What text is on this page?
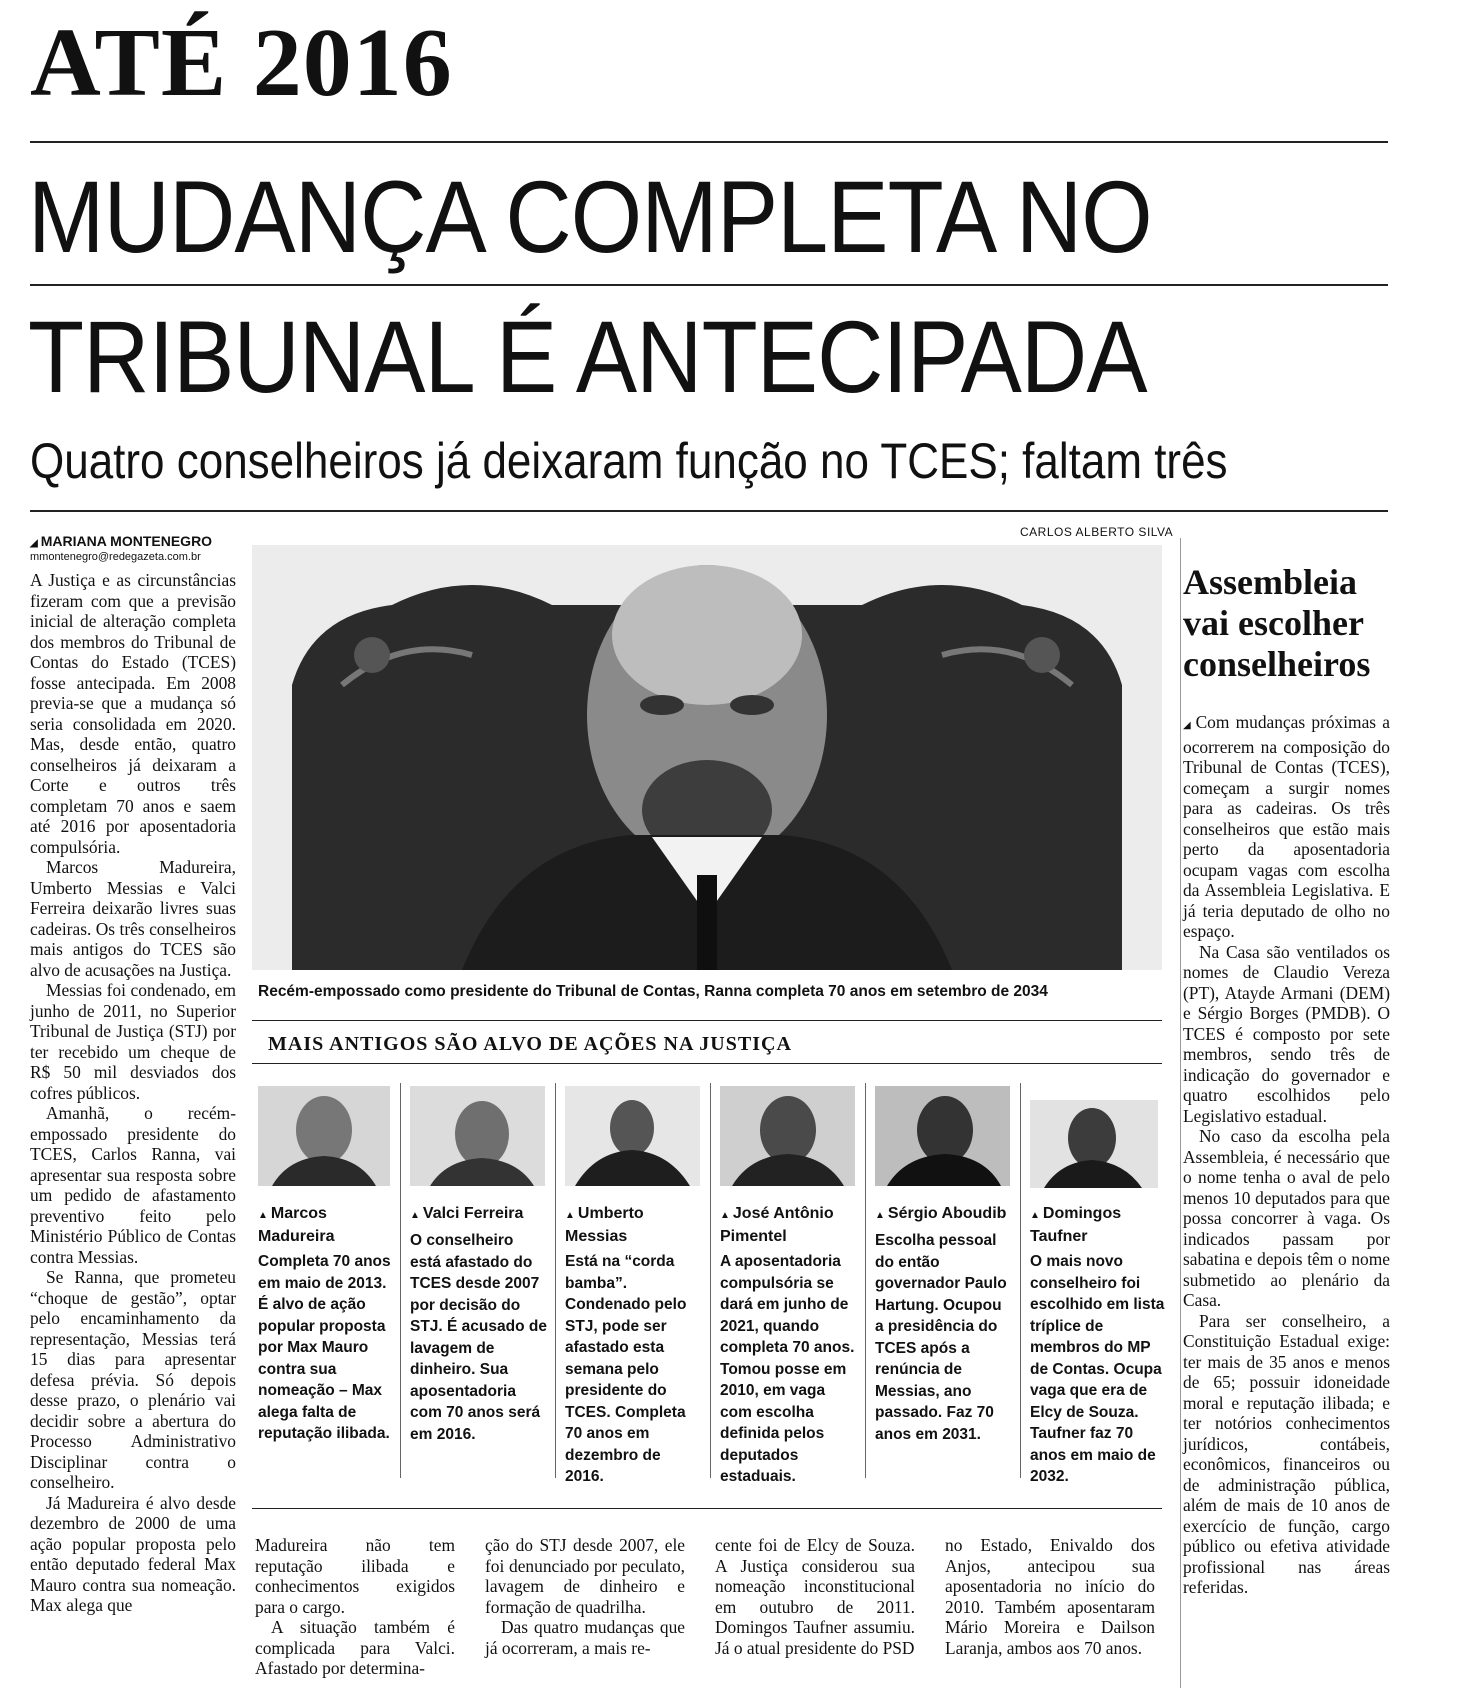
ATÉ 2016
MUDANÇA COMPLETA NO
TRIBUNAL É ANTECIPADA
Quatro conselheiros já deixaram função no TCES; faltam três
◢ MARIANA MONTENEGRO
mmontenegro@redegazeta.com.br

A Justiça e as circunstâncias fizeram com que a previsão inicial de alteração completa dos membros do Tribunal de Contas do Estado (TCES) fosse antecipada. Em 2008 previa-se que a mudança só seria consolidada em 2020. Mas, desde então, quatro conselheiros já deixaram a Corte e outros três completam 70 anos e saem até 2016 por aposentadoria compulsória.

Marcos Madureira, Umberto Messias e Valci Ferreira deixarão livres suas cadeiras. Os três conselheiros mais antigos do TCES são alvo de acusações na Justiça.

Messias foi condenado, em junho de 2011, no Superior Tribunal de Justiça (STJ) por ter recebido um cheque de R$ 50 mil desviados dos cofres públicos.

Amanhã, o recém-empossado presidente do TCES, Carlos Ranna, vai apresentar sua resposta sobre um pedido de afastamento preventivo feito pelo Ministério Público de Contas contra Messias.

Se Ranna, que prometeu “choque de gestão”, optar pelo encaminhamento da representação, Messias terá 15 dias para apresentar defesa prévia. Só depois desse prazo, o plenário vai decidir sobre a abertura do Processo Administrativo Disciplinar contra o conselheiro.

Já Madureira é alvo desde dezembro de 2000 de uma ação popular proposta pelo então deputado federal Max Mauro contra sua nomeação. Max alega que

CARLOS ALBERTO SILVA
Recém-empossado como presidente do Tribunal de Contas, Ranna completa 70 anos em setembro de 2034
MAIS ANTIGOS SÃO ALVO DE AÇÕES NA JUSTIÇA
▲ Marcos Madureira
Completa 70 anos em maio de 2013. É alvo de ação popular proposta por Max Mauro contra sua nomeação – Max alega falta de reputação ilibada.
▲ Valci Ferreira
O conselheiro está afastado do TCES desde 2007 por decisão do STJ. É acusado de lavagem de dinheiro. Sua aposentadoria com 70 anos será em 2016.
▲ Umberto Messias
Está na “corda bamba”. Condenado pelo STJ, pode ser afastado esta semana pelo presidente do TCES. Completa 70 anos em dezembro de 2016.
▲ José Antônio Pimentel
A aposentadoria compulsória se dará em junho de 2021, quando completa 70 anos. Tomou posse em 2010, em vaga com escolha definida pelos deputados estaduais.
▲ Sérgio Aboudib
Escolha pessoal do então governador Paulo Hartung. Ocupou a presidência do TCES após a renúncia de Messias, ano passado. Faz 70 anos em 2031.
▲ Domingos Taufner
O mais novo conselheiro foi escolhido em lista tríplice de membros do MP de Contas. Ocupa vaga que era de Elcy de Souza. Taufner faz 70 anos em maio de 2032.

Madureira não tem reputação ilibada e conhecimentos exigidos para o cargo.

A situação também é complicada para Valci. Afastado por determina-

ção do STJ desde 2007, ele foi denunciado por peculato, lavagem de dinheiro e formação de quadrilha.

Das quatro mudanças que já ocorreram, a mais re-

cente foi de Elcy de Souza. A Justiça considerou sua nomeação inconstitucional em outubro de 2011. Domingos Taufner assumiu. Já o atual presidente do PSD

no Estado, Enivaldo dos Anjos, antecipou sua aposentadoria no início do 2010. Também aposentaram Mário Moreira e Dailson Laranja, ambos aos 70 anos.

Assembleia vai escolher conselheiros

◢ Com mudanças próximas a ocorrerem na composição do Tribunal de Contas (TCES), começam a surgir nomes para as cadeiras. Os três conselheiros que estão mais perto da aposentadoria ocupam vagas com escolha da Assembleia Legislativa. E já teria deputado de olho no espaço.

Na Casa são ventilados os nomes de Claudio Vereza (PT), Atayde Armani (DEM) e Sérgio Borges (PMDB). O TCES é composto por sete membros, sendo três de indicação do governador e quatro escolhidos pelo Legislativo estadual.

No caso da escolha pela Assembleia, é necessário que o nome tenha o aval de pelo menos 10 deputados para que possa concorrer à vaga. Os indicados passam por sabatina e depois têm o nome submetido ao plenário da Casa.

Para ser conselheiro, a Constituição Estadual exige: ter mais de 35 anos e menos de 65; possuir idoneidade moral e reputação ilibada; e ter notórios conhecimentos jurídicos, contábeis, econômicos, financeiros ou de administração pública, além de mais de 10 anos de exercício de função, cargo público ou efetiva atividade profissional nas áreas referidas.
